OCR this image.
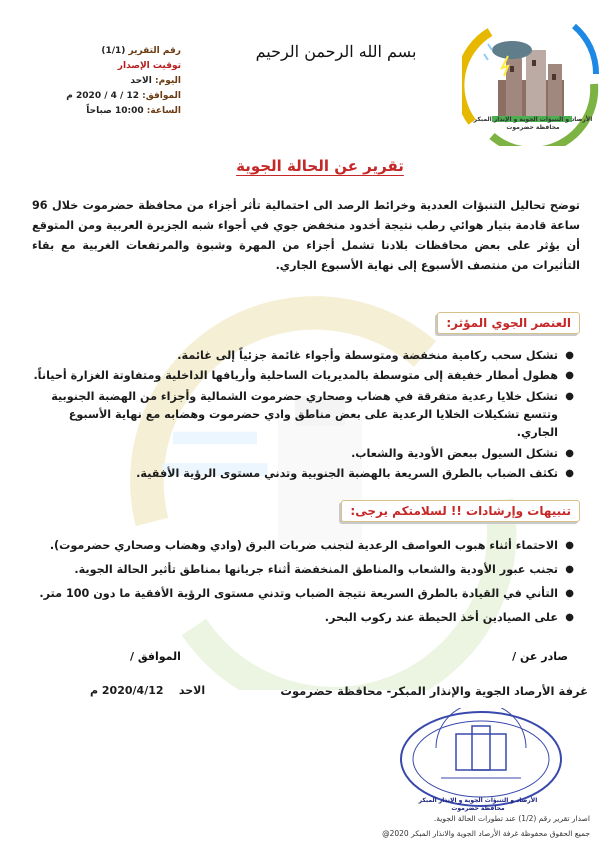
الأرصاد و التنبؤات الجوية و الإنذار المبكر
محافظة حضرموت
بسم الله الرحمن الرحيم
رقم التقرير (1/1)
توقيت الإصدار
اليوم: الاحد
الموافق: 12 / 4 / 2020 م
الساعة: 10:00 صباحاً
تقرير عن الحالة الجوية
توضح تحاليل التنبؤات العددية وخرائط الرصد الى احتمالية تأثر أجزاء من محافظة حضرموت خلال 96 ساعة قادمة بتيار هوائي رطب نتيجة أخدود منخفض جوي في أجواء شبه الجزيرة العربية ومن المتوقع أن يؤثر على بعض محافظات بلادنا تشمل أجزاء من المهرة وشبوة والمرتفعات الغربية مع بقاء التأثيرات من منتصف الأسبوع إلى نهاية الأسبوع الجاري.
العنصر الجوي المؤثر:
●
تشكل سحب ركامية منخفضة ومتوسطة وأجواء غائمة جزئياً إلى غائمة.
●
هطول أمطار خفيفة إلى متوسطة بالمديريات الساحلية وأريافها الداخلية ومتفاوتة الغزارة أحياناً.
●
تشكل خلايا رعدية متفرقة في هضاب وصحاري حضرموت الشمالية وأجزاء من الهضبة الجنوبية وتتسع تشكيلات الخلايا الرعدية على بعض مناطق وادي حضرموت وهضابه مع نهاية الأسبوع الجاري.
●
تشكل السيول ببعض الأودية والشعاب.
●
تكثف الضباب بالطرق السريعة بالهضبة الجنوبية وتدني مستوى الرؤية الأفقية.
تنبيهات وإرشادات !! لسلامتكم يرجى:
●
الاحتماء أثناء هبوب العواصف الرعدية لتجنب ضربات البرق (وادي وهضاب وصحاري حضرموت).
●
تجنب عبور الأودية والشعاب والمناطق المنخفضة أثناء جريانها بمناطق تأثير الحالة الجوية.
●
التأني في القيادة بالطرق السريعة نتيجة الضباب وتدني مستوى الرؤية الأفقية ما دون 100 متر.
●
على الصيادين أخذ الحيطة عند ركوب البحر.
صادر عن /
الموافق /
غرفة الأرصاد الجوية والإنذار المبكر- محافظة حضرموت
الاحد    2020/4/12 م
الأرصاد و التنبؤات الجوية و الإنذار المبكر
محافظة حضرموت
اصدار تقرير رقم (1/2) عند تطورات الحالة الجوية.
جميع الحقوق محفوظة غرفة الأرصاد الجوية والانذار المبكر 2020@
